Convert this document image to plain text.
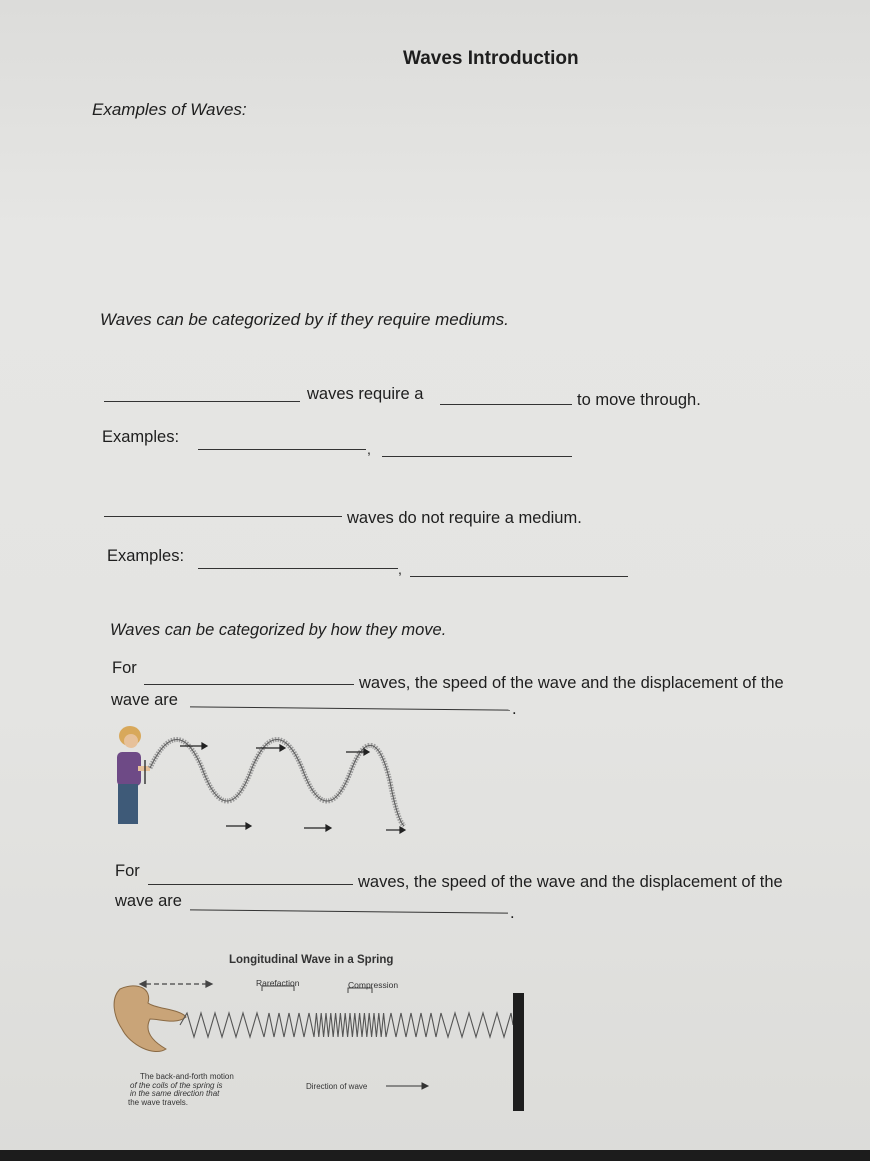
Waves Introduction
Examples of Waves:
Waves can be categorized by if they require mediums.
waves require a	to move through.
Examples:
,
waves do not require a medium.
Examples:
,
Waves can be categorized by how they move.
For
waves, the speed of the wave and the displacement of the
wave are	.
For
waves, the speed of the wave and the displacement of the
wave are
.
Longitudinal Wave in a Spring
Rarefaction	Compression
The back-and-forth motion
of the coils of the spring is
in the same direction that
the wave travels.
Direction of wave
